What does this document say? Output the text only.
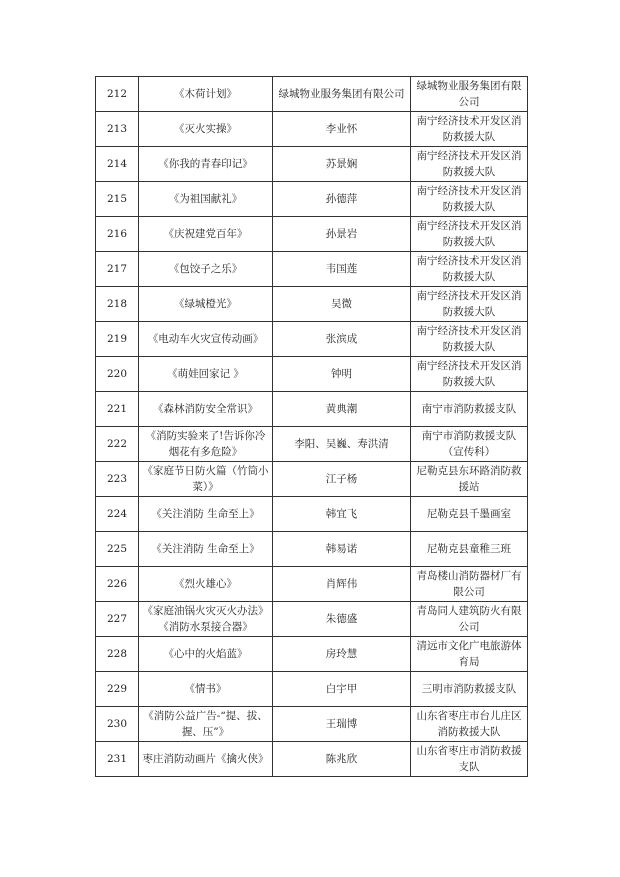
212	《木荷计划》	绿城物业服务集团有限公司	绿城物业服务集团有限公司
213	《灭火实操》	李业怀	南宁经济技术开发区消防救援大队
214	《你我的青春印记》	苏景娴	南宁经济技术开发区消防救援大队
215	《为祖国献礼》	孙德萍	南宁经济技术开发区消防救援大队
216	《庆祝建党百年》	孙景岩	南宁经济技术开发区消防救援大队
217	《包饺子之乐》	韦国莲	南宁经济技术开发区消防救援大队
218	《绿城橙光》	吴微	南宁经济技术开发区消防救援大队
219	《电动车火灾宣传动画》	张滨成	南宁经济技术开发区消防救援大队
220	《萌娃回家记 》	钟明	南宁经济技术开发区消防救援大队
221	《森林消防安全常识》	黄典潮	南宁市消防救援支队
222	《消防实验来了!告诉你冷烟花有多危险》	李阳、吴巍、寿洪清	南宁市消防救援支队（宣传科）
223	《家庭节日防火篇（竹筒小菜）》	江子杨	尼勒克县东环路消防救援站
224	《关注消防 生命至上》	韩宜飞	尼勒克县千墨画室
225	《关注消防 生命至上》	韩易诺	尼勒克县童稚三班
226	《烈火雄心》	肖辉伟	青岛楼山消防器材厂有限公司
227	《家庭油锅火灾灭火办法》《消防水泵接合器》	朱德盛	青岛同人建筑防火有限公司
228	《心中的火焰蓝》	房玲慧	清远市文化广电旅游体育局
229	《情书》	白宇甲	三明市消防救援支队
230	《消防公益广告-“提、拔、握、压”》	王瑞博	山东省枣庄市台儿庄区消防救援大队
231	枣庄消防动画片《擒火侠》	陈兆欣	山东省枣庄市消防救援支队
